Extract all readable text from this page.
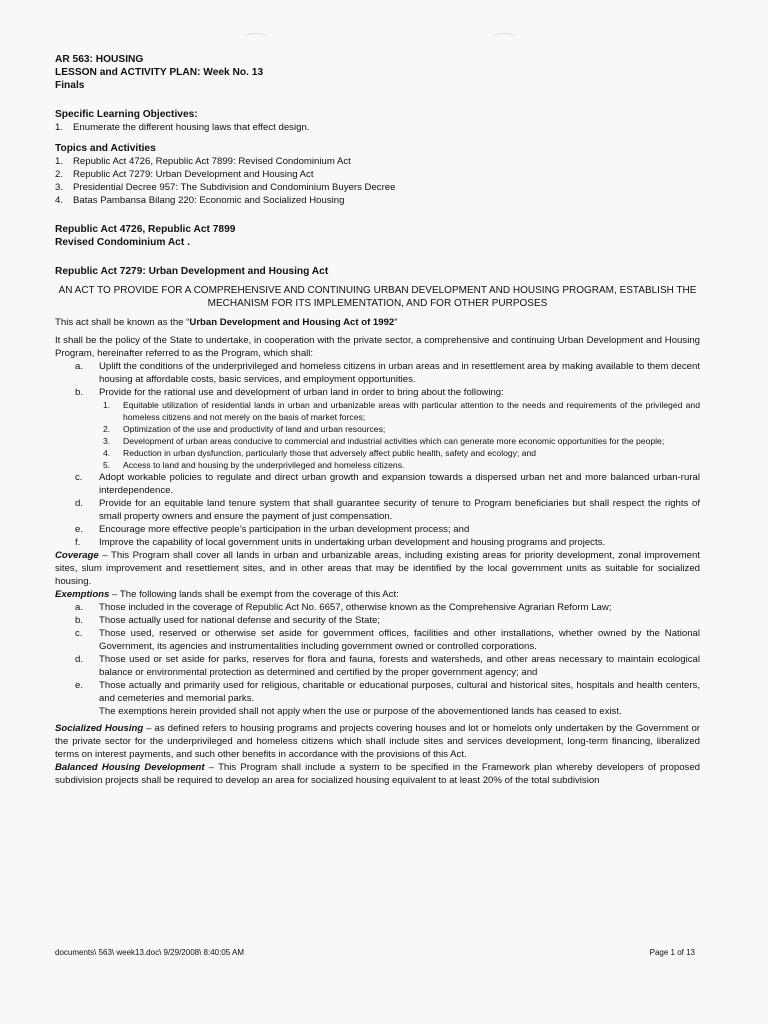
AR 563: HOUSING
LESSON and ACTIVITY PLAN: Week No. 13
Finals
Specific Learning Objectives:
1. Enumerate the different housing laws that effect design.
Topics and Activities
1. Republic Act 4726, Republic Act 7899: Revised Condominium Act
2. Republic Act 7279: Urban Development and Housing Act
3. Presidential Decree 957: The Subdivision and Condominium Buyers Decree
4. Batas Pambansa Bilang 220: Economic and Socialized Housing
Republic Act 4726, Republic Act 7899
Revised Condominium Act .
Republic Act 7279: Urban Development and Housing Act
AN ACT TO PROVIDE FOR A COMPREHENSIVE AND CONTINUING URBAN DEVELOPMENT AND HOUSING PROGRAM, ESTABLISH THE MECHANISM FOR ITS IMPLEMENTATION, AND FOR OTHER PURPOSES
This act shall be known as the “Urban Development and Housing Act of 1992”
It shall be the policy of the State to undertake, in cooperation with the private sector, a comprehensive and continuing Urban Development and Housing Program, hereinafter referred to as the Program, which shall:
a. Uplift the conditions of the underprivileged and homeless citizens in urban areas and in resettlement area by making available to them decent housing at affordable costs, basic services, and employment opportunities.
b. Provide for the rational use and development of urban land in order to bring about the following:
1. Equitable utilization of residential lands in urban and urbanizable areas with particular attention to the needs and requirements of the privileged and homeless citizens and not merely on the basis of market forces;
2. Optimization of the use and productivity of land and urban resources;
3. Development of urban areas conducive to commercial and industrial activities which can generate more economic opportunities for the people;
4. Reduction in urban dysfunction, particularly those that adversely affect public health, safety and ecology; and
5. Access to land and housing by the underprivileged and homeless citizens.
c. Adopt workable policies to regulate and direct urban growth and expansion towards a dispersed urban net and more balanced urban-rural interdependence.
d. Provide for an equitable land tenure system that shall guarantee security of tenure to Program beneficiaries but shall respect the rights of small property owners and ensure the payment of just compensation.
e. Encourage more effective people’s participation in the urban development process; and
f. Improve the capability of local government units in undertaking urban development and housing programs and projects.
Coverage – This Program shall cover all lands in urban and urbanizable areas, including existing areas for priority development, zonal improvement sites, slum improvement and resettlement sites, and in other areas that may be identified by the local government units as suitable for socialized housing.
Exemptions – The following lands shall be exempt from the coverage of this Act:
a. Those included in the coverage of Republic Act No. 6657, otherwise known as the Comprehensive Agrarian Reform Law;
b. Those actually used for national defense and security of the State;
c. Those used, reserved or otherwise set aside for government offices, facilities and other installations, whether owned by the National Government, its agencies and instrumentalities including government owned or controlled corporations.
d. Those used or set aside for parks, reserves for flora and fauna, forests and watersheds, and other areas necessary to maintain ecological balance or environmental protection as determined and certified by the proper government agency; and
e. Those actually and primarily used for religious, charitable or educational purposes, cultural and historical sites, hospitals and health centers, and cemeteries and memorial parks.
The exemptions herein provided shall not apply when the use or purpose of the abovementioned lands has ceased to exist.
Socialized Housing – as defined refers to housing programs and projects covering houses and lot or homelots only undertaken by the Government or the private sector for the underprivileged and homeless citizens which shall include sites and services development, long-term financing, liberalized terms on interest payments, and such other benefits in accordance with the provisions of this Act.
Balanced Housing Development – This Program shall include a system to be specified in the Framework plan whereby developers of proposed subdivision projects shall be required to develop an area for socialized housing equivalent to at least 20% of the total subdivision
documents\ 563\ week13.doc\ 9/29/2008\ 8:40:05 AM	Page 1 of 13
